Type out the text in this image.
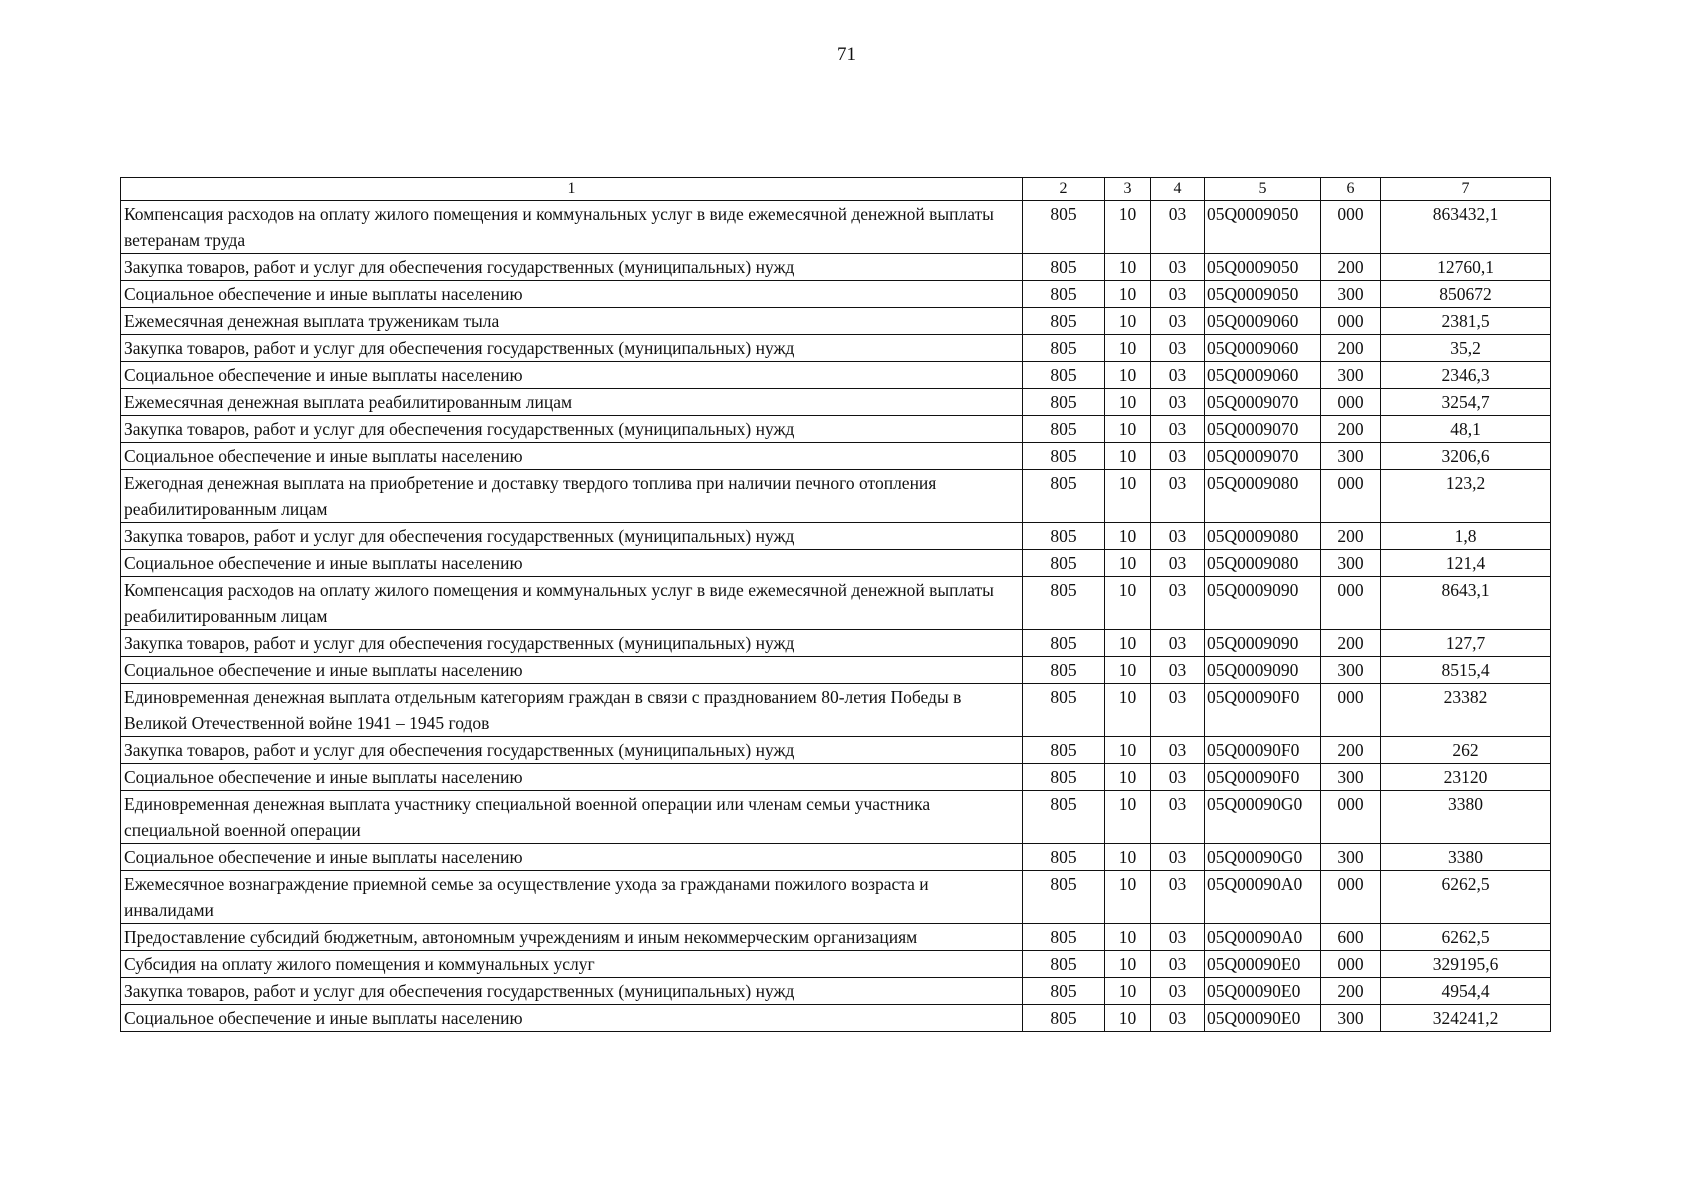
71
1	2	3	4	5	6	7
Компенсация расходов на оплату жилого помещения и коммунальных услуг в виде ежемесячной денежной выплаты ветеранам труда	805	10	03	05Q0009050	000	863432,1
Закупка товаров, работ и услуг для обеспечения государственных (муниципальных) нужд	805	10	03	05Q0009050	200	12760,1
Социальное обеспечение и иные выплаты населению	805	10	03	05Q0009050	300	850672
Ежемесячная денежная выплата труженикам тыла	805	10	03	05Q0009060	000	2381,5
Закупка товаров, работ и услуг для обеспечения государственных (муниципальных) нужд	805	10	03	05Q0009060	200	35,2
Социальное обеспечение и иные выплаты населению	805	10	03	05Q0009060	300	2346,3
Ежемесячная денежная выплата реабилитированным лицам	805	10	03	05Q0009070	000	3254,7
Закупка товаров, работ и услуг для обеспечения государственных (муниципальных) нужд	805	10	03	05Q0009070	200	48,1
Социальное обеспечение и иные выплаты населению	805	10	03	05Q0009070	300	3206,6
Ежегодная денежная выплата на приобретение и доставку твердого топлива при наличии печного отопления реабилитированным лицам	805	10	03	05Q0009080	000	123,2
Закупка товаров, работ и услуг для обеспечения государственных (муниципальных) нужд	805	10	03	05Q0009080	200	1,8
Социальное обеспечение и иные выплаты населению	805	10	03	05Q0009080	300	121,4
Компенсация расходов на оплату жилого помещения и коммунальных услуг в виде ежемесячной денежной выплаты реабилитированным лицам	805	10	03	05Q0009090	000	8643,1
Закупка товаров, работ и услуг для обеспечения государственных (муниципальных) нужд	805	10	03	05Q0009090	200	127,7
Социальное обеспечение и иные выплаты населению	805	10	03	05Q0009090	300	8515,4
Единовременная денежная выплата отдельным категориям граждан в связи с празднованием 80-летия Победы в Великой Отечественной войне 1941 – 1945 годов	805	10	03	05Q00090F0	000	23382
Закупка товаров, работ и услуг для обеспечения государственных (муниципальных) нужд	805	10	03	05Q00090F0	200	262
Социальное обеспечение и иные выплаты населению	805	10	03	05Q00090F0	300	23120
Единовременная денежная выплата участнику специальной военной операции или членам семьи участника специальной военной операции	805	10	03	05Q00090G0	000	3380
Социальное обеспечение и иные выплаты населению	805	10	03	05Q00090G0	300	3380
Ежемесячное вознаграждение приемной семье за осуществление ухода за гражданами пожилого возраста и инвалидами	805	10	03	05Q00090A0	000	6262,5
Предоставление субсидий бюджетным, автономным учреждениям и иным некоммерческим организациям	805	10	03	05Q00090A0	600	6262,5
Субсидия на оплату жилого помещения и коммунальных услуг	805	10	03	05Q00090E0	000	329195,6
Закупка товаров, работ и услуг для обеспечения государственных (муниципальных) нужд	805	10	03	05Q00090E0	200	4954,4
Социальное обеспечение и иные выплаты населению	805	10	03	05Q00090E0	300	324241,2
